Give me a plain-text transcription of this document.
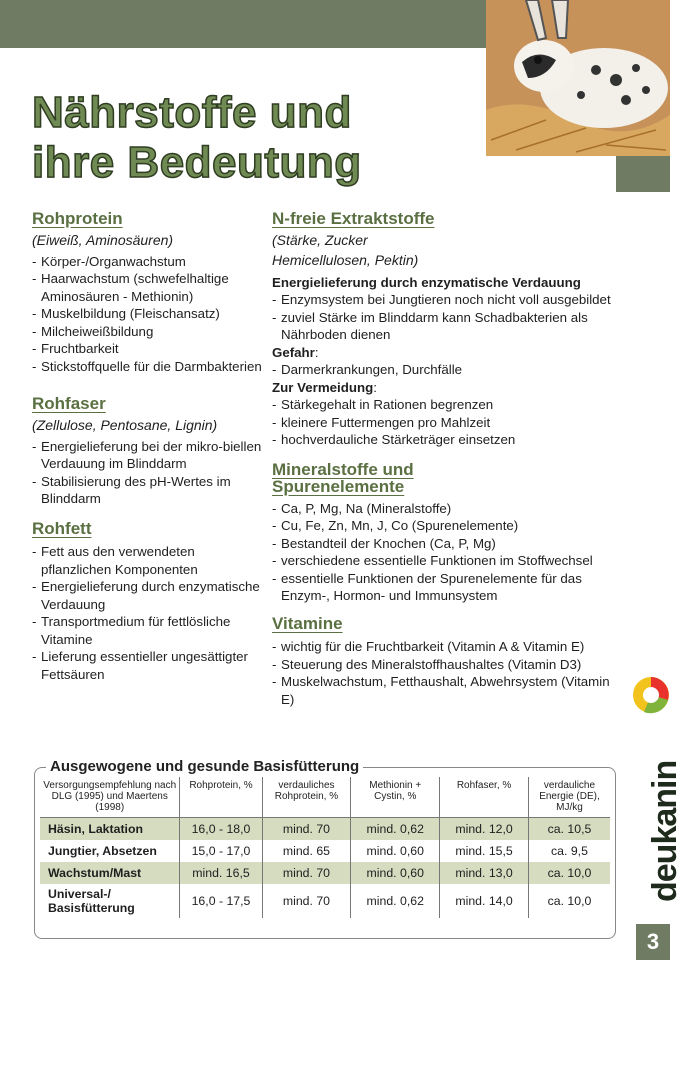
deukanin
3
Nährstoffe und
ihre Bedeutung
Rohprotein
(Eiweiß, Aminosäuren)
- Körper-/Organwachstum
- Haarwachstum (schwefelhaltige Aminosäuren - Methionin)
- Muskelbildung (Fleischansatz)
- Milcheiweißbildung
- Fruchtbarkeit
- Stickstoffquelle für die Darmbakterien
Rohfaser
(Zellulose, Pentosane, Lignin)
- Energielieferung bei der mikro-biellen Verdauung im Blinddarm
- Stabilisierung des pH-Wertes im Blinddarm
Rohfett
- Fett aus den verwendeten pflanzlichen Komponenten
- Energielieferung durch enzymatische Verdauung
- Transportmedium für fettlösliche Vitamine
- Lieferung essentieller ungesättigter Fettsäuren
N-freie Extraktstoffe
(Stärke, Zucker
Hemicellulosen, Pektin)
Energielieferung durch enzymatische Verdauung
- Enzymsystem bei Jungtieren noch nicht voll ausgebildet
- zuviel Stärke im Blinddarm kann Schadbakterien als Nährboden dienen
Gefahr:
- Darmerkrankungen, Durchfälle
Zur Vermeidung:
- Stärkegehalt in Rationen begrenzen
- kleinere Futtermengen pro Mahlzeit
- hochverdauliche Stärketräger einsetzen
Mineralstoffe und
Spurenelemente
- Ca, P, Mg, Na (Mineralstoffe)
- Cu, Fe, Zn, Mn, J, Co (Spurenelemente)
- Bestandteil der Knochen (Ca, P, Mg)
- verschiedene essentielle Funktionen im Stoffwechsel
- essentielle Funktionen der Spurenelemente für das Enzym-, Hormon- und Immunsystem
Vitamine
- wichtig für die Fruchtbarkeit (Vitamin A & Vitamin E)
- Steuerung des Mineralstoffhaushaltes (Vitamin D3)
- Muskelwachstum, Fetthaushalt, Abwehrsystem (Vitamin E)
Ausgewogene und gesunde Basisfütterung
Versorgungsempfehlung nach DLG (1995) und Maertens (1998)	Rohprotein, %	verdauliches Rohprotein, %	Methionin + Cystin, %	Rohfaser, %	verdauliche Energie (DE), MJ/kg
Häsin, Laktation	16,0 - 18,0	mind. 70	mind. 0,62	mind. 12,0	ca. 10,5
Jungtier, Absetzen	15,0 - 17,0	mind. 65	mind. 0,60	mind. 15,5	ca. 9,5
Wachstum/Mast	mind. 16,5	mind. 70	mind. 0,60	mind. 13,0	ca. 10,0
Universal-/ Basisfütterung	16,0 - 17,5	mind. 70	mind. 0,62	mind. 14,0	ca. 10,0
